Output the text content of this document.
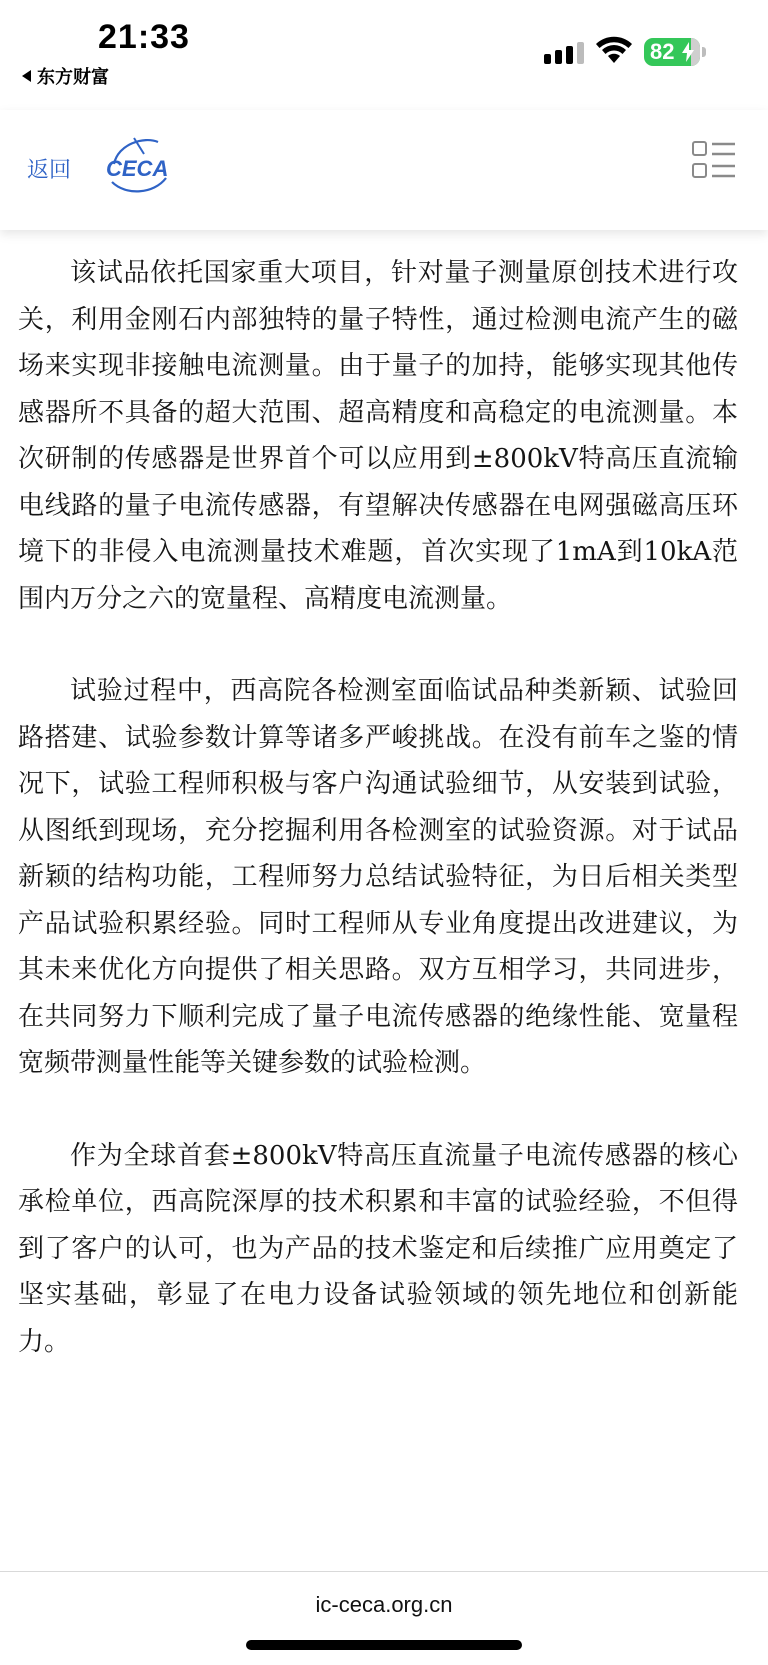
21:33
东方财富
82
返回 CECA

该试品依托国家重大项目，针对量子测量原创技术进行攻关，利用金刚石内部独特的量子特性，通过检测电流产生的磁场来实现非接触电流测量。由于量子的加持，能够实现其他传感器所不具备的超大范围、超高精度和高稳定的电流测量。本次研制的传感器是世界首个可以应用到±800kV特高压直流输电线路的量子电流传感器，有望解决传感器在电网强磁高压环境下的非侵入电流测量技术难题，首次实现了1mA到10kA范围内万分之六的宽量程、高精度电流测量。

试验过程中，西高院各检测室面临试品种类新颖、试验回路搭建、试验参数计算等诸多严峻挑战。在没有前车之鉴的情况下，试验工程师积极与客户沟通试验细节，从安装到试验，从图纸到现场，充分挖掘利用各检测室的试验资源。对于试品新颖的结构功能，工程师努力总结试验特征，为日后相关类型产品试验积累经验。同时工程师从专业角度提出改进建议，为其未来优化方向提供了相关思路。双方互相学习，共同进步，在共同努力下顺利完成了量子电流传感器的绝缘性能、宽量程宽频带测量性能等关键参数的试验检测。

作为全球首套±800kV特高压直流量子电流传感器的核心承检单位，西高院深厚的技术积累和丰富的试验经验，不但得到了客户的认可，也为产品的技术鉴定和后续推广应用奠定了坚实基础，彰显了在电力设备试验领域的领先地位和创新能力。

ic-ceca.org.cn
